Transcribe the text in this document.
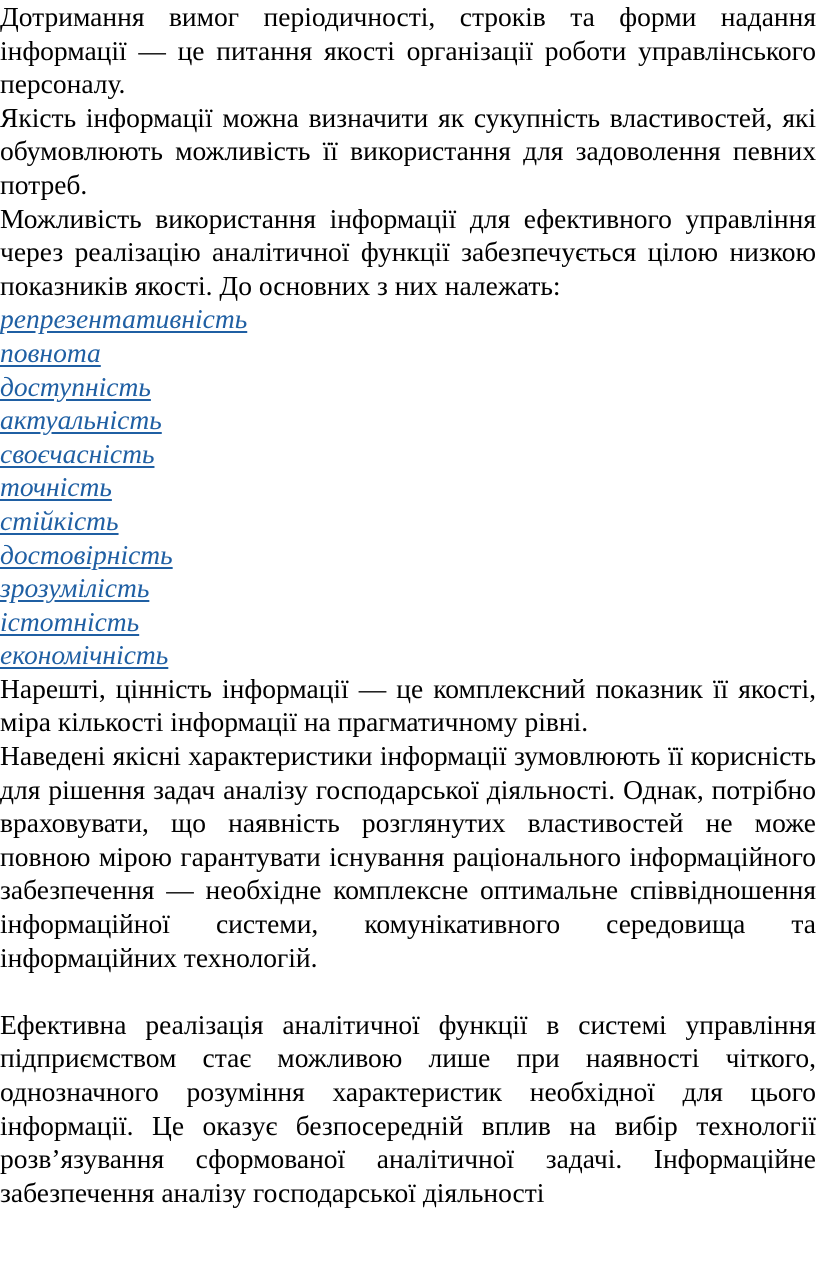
Дотримання вимог періодичності, строків та форми надання інформації — це питання якості організації роботи управлінського персоналу.

Якість інформації можна визначити як сукупність властивостей, які обумовлюють можливість її використання для задоволення певних потреб.

Можливість використання інформації для ефективного управління через реалізацію аналітичної функції забезпечується цілою низкою показників якості. До основних з них належать:

репрезентативність
повнота
доступність
актуальність
своєчасність
точність
стійкість
достовірність
зрозумілість
істотність
економічність

Нарешті, цінність інформації — це комплексний показник її якості, міра кількості інформації на прагматичному рівні.

Наведені якісні характеристики інформації зумовлюють її корисність для рішення задач аналізу господарської діяльності. Однак, потрібно враховувати, що наявність розглянутих властивостей не може повною мірою гарантувати існування раціонального інформаційного забезпечення — необхідне комплексне оптимальне співвідношення інформаційної системи, комунікативного середовища та інформаційних технологій.

Ефективна реалізація аналітичної функції в системі управління підприємством стає можливою лише при наявності чіткого, однозначного розуміння характеристик необхідної для цього інформації. Це оказує безпосередній вплив на вибір технології розв’язування сформованої аналітичної задачі. Інформаційне забезпечення аналізу господарської діяльності
